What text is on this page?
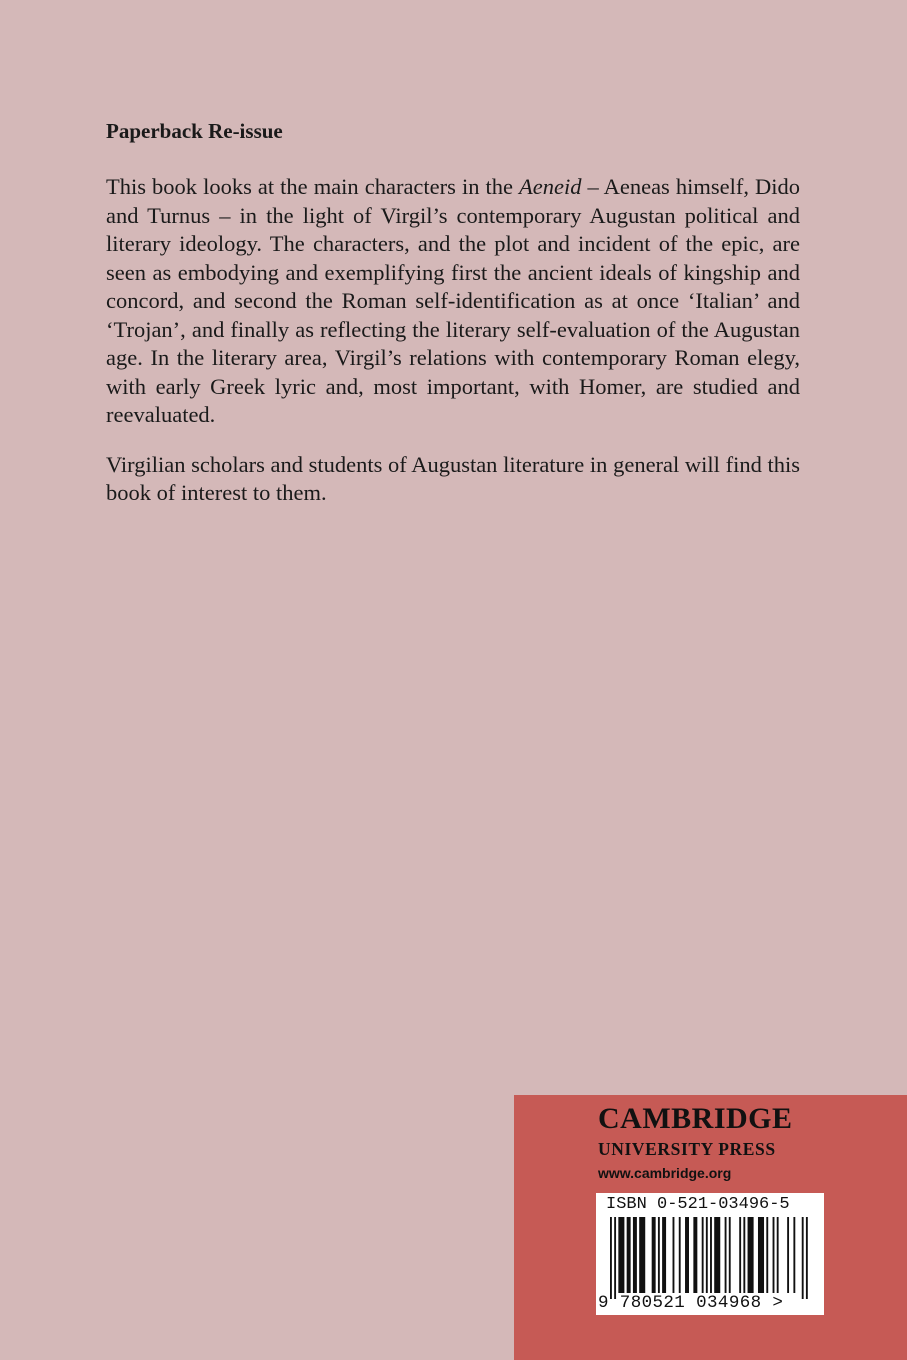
Paperback Re-issue

This book looks at the main characters in the Aeneid – Aeneas himself, Dido and Turnus – in the light of Virgil’s contemporary Augustan political and literary ideology. The characters, and the plot and incident of the epic, are seen as embodying and exemplifying first the ancient ideals of kingship and concord, and second the Roman self-identification as at once ‘Italian’ and ‘Trojan’, and finally as reflecting the literary self-evaluation of the Augustan age. In the literary area, Virgil’s relations with contemporary Roman elegy, with early Greek lyric and, most important, with Homer, are studied and reevaluated.

Virgilian scholars and students of Augustan literature in general will find this book of interest to them.

CAMBRIDGE
UNIVERSITY PRESS
www.cambridge.org
ISBN 0-521-03496-5
9 780521 034968 >
